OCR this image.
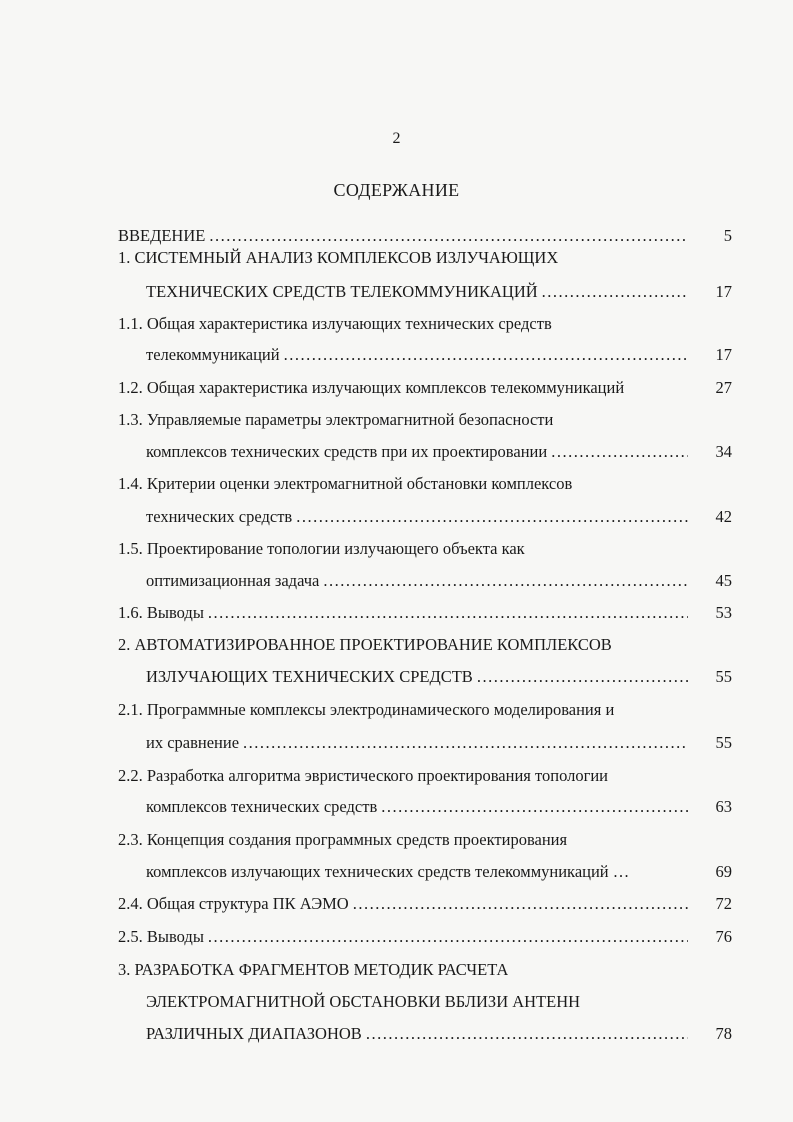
2
СОДЕРЖАНИЕ
ВВЕДЕНИЕ .....	5
1. СИСТЕМНЫЙ АНАЛИЗ КОМПЛЕКСОВ ИЗЛУЧАЮЩИХ
ТЕХНИЧЕСКИХ СРЕДСТВ ТЕЛЕКОММУНИКАЦИЙ .....	17
1.1. Общая характеристика излучающих технических средств
телекоммуникаций .....	17
1.2. Общая характеристика излучающих комплексов телекоммуникаций	27
1.3. Управляемые параметры электромагнитной безопасности
комплексов технических средств при их проектировании .....	34
1.4. Критерии оценки электромагнитной обстановки комплексов
технических средств .....	42
1.5. Проектирование топологии излучающего объекта как
оптимизационная задача .....	45
1.6. Выводы .....	53
2. АВТОМАТИЗИРОВАННОЕ ПРОЕКТИРОВАНИЕ КОМПЛЕКСОВ
ИЗЛУЧАЮЩИХ ТЕХНИЧЕСКИХ СРЕДСТВ .....	55
2.1. Программные комплексы электродинамического моделирования и
их сравнение .....	55
2.2. Разработка алгоритма эвристического проектирования топологии
комплексов технических средств .....	63
2.3. Концепция создания программных средств проектирования
комплексов излучающих технических средств телекоммуникаций …	69
2.4. Общая структура ПК АЭМО .....	72
2.5. Выводы .....	76
3. РАЗРАБОТКА ФРАГМЕНТОВ МЕТОДИК РАСЧЕТА
ЭЛЕКТРОМАГНИТНОЙ ОБСТАНОВКИ ВБЛИЗИ АНТЕНН
РАЗЛИЧНЫХ ДИАПАЗОНОВ .....	78
